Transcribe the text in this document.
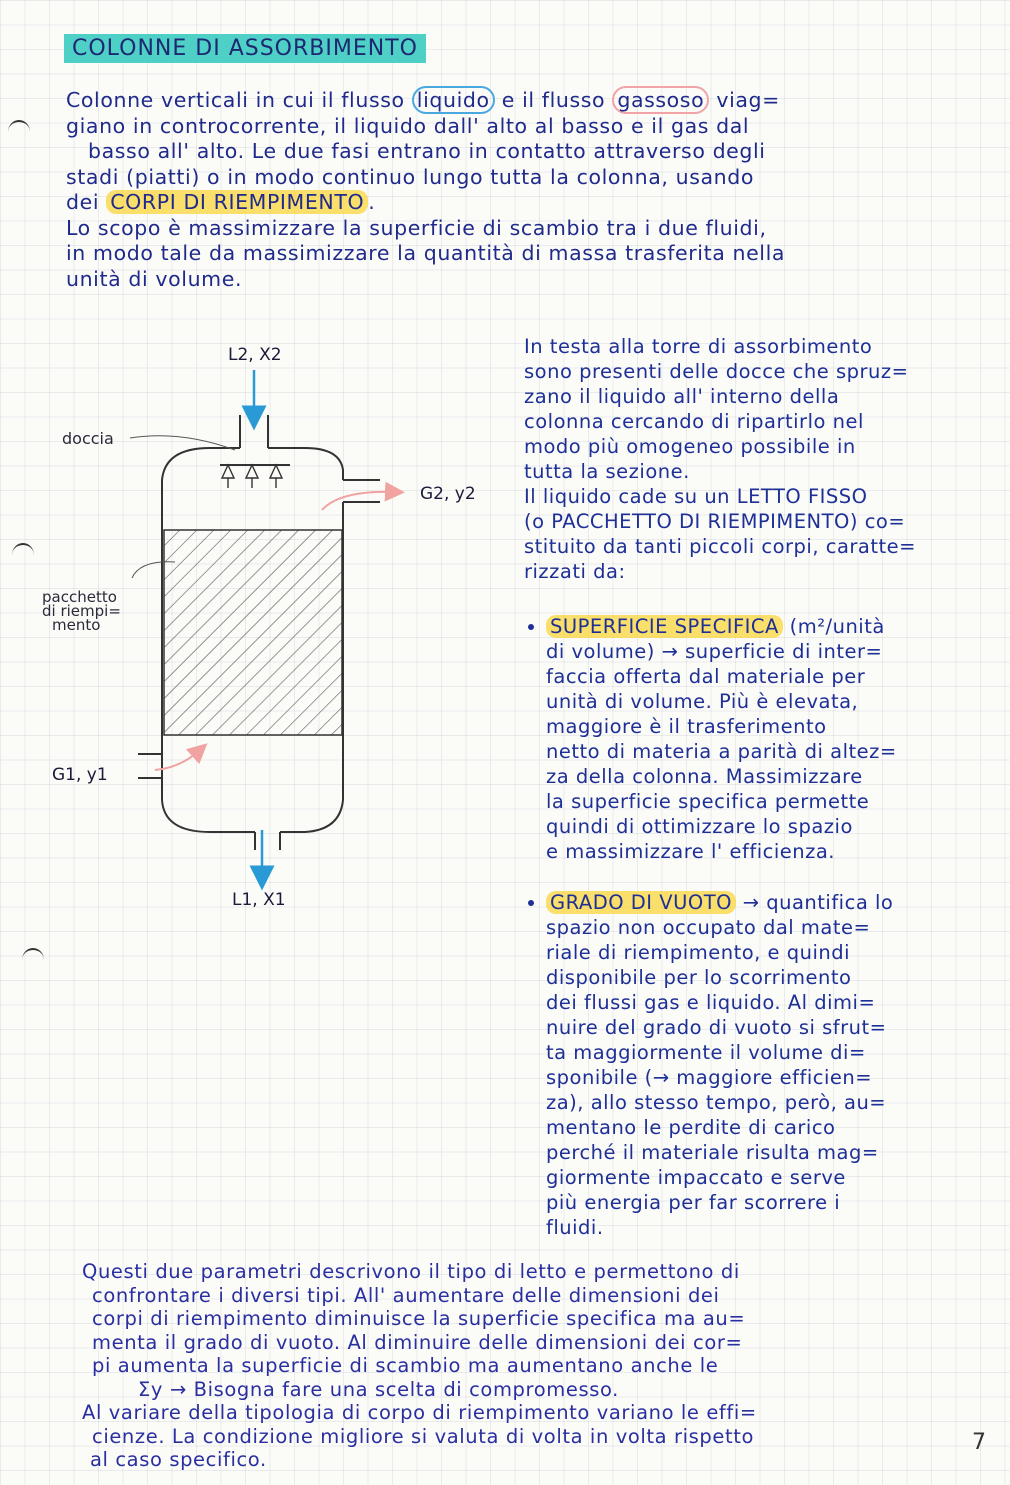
COLONNE DI ASSORBIMENTO
Colonne verticali in cui il flusso liquido e il flusso gassoso viag=
giano in controcorrente, il liquido dall' alto al basso e il gas dal
basso all' alto. Le due fasi entrano in contatto attraverso degli
stadi (piatti) o in modo continuo lungo tutta la colonna, usando
dei CORPI DI RIEMPIMENTO .
Lo scopo è massimizzare la superficie di scambio tra i due fluidi,
in modo tale da massimizzare la quantità di massa trasferita nella
unità di volume.
L2, X2
G2, y2
G1, y1
L1, X1
doccia
pacchetto
di riempi=
mento
In testa alla torre di assorbimento
sono presenti delle docce che spruz=
zano il liquido all' interno della
colonna cercando di ripartirlo nel
modo più omogeneo possibile in
tutta la sezione.
Il liquido cade su un LETTO FISSO
(o PACCHETTO DI RIEMPIMENTO) co=
stituito da tanti piccoli corpi, caratte=
rizzati da:
SUPERFICIE SPECIFICA (m²/unità
di volume) → superficie di inter=
faccia offerta dal materiale per
unità di volume. Più è elevata,
maggiore è il trasferimento
netto di materia a parità di altez=
za della colonna. Massimizzare
la superficie specifica permette
quindi di ottimizzare lo spazio
e massimizzare l' efficienza.
GRADO DI VUOTO → quantifica lo
spazio non occupato dal mate=
riale di riempimento, e quindi
disponibile per lo scorrimento
dei flussi gas e liquido. Al dimi=
nuire del grado di vuoto si sfrut=
ta maggiormente il volume di=
sponibile (→ maggiore efficien=
za), allo stesso tempo, però, au=
mentano le perdite di carico
perché il materiale risulta mag=
giormente impaccato e serve
più energia per far scorrere i
fluidi.
Questi due parametri descrivono il tipo di letto e permettono di
confrontare i diversi tipi. All' aumentare delle dimensioni dei
corpi di riempimento diminuisce la superficie specifica ma au=
menta il grado di vuoto. Al diminuire delle dimensioni dei cor=
pi aumenta la superficie di scambio ma aumentano anche le
Σy → Bisogna fare una scelta di compromesso.
Al variare della tipologia di corpo di riempimento variano le effi=
cienze. La condizione migliore si valuta di volta in volta rispetto
al caso specifico.
7
